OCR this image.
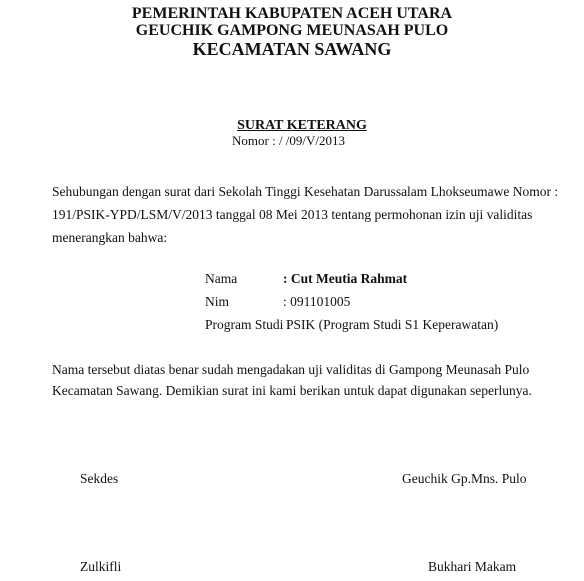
PEMERINTAH KABUPATEN ACEH UTARA
GEUCHIK GAMPONG MEUNASAH PULO
KECAMATAN SAWANG
SURAT KETERANG
Nomor : / /09/V/2013
Sehubungan dengan surat dari Sekolah Tinggi Kesehatan Darussalam Lhokseumawe Nomor :
191/PSIK-YPD/LSM/V/2013 tanggal 08 Mei 2013 tentang permohonan izin uji validitas
menerangkan bahwa:
Nama	: Cut Meutia Rahmat
Nim	: 091101005
Program Studi :
PSIK (Program Studi S1 Keperawatan)
Nama tersebut diatas benar sudah mengadakan uji validitas di Gampong Meunasah Pulo
Kecamatan Sawang. Demikian surat ini kami berikan untuk dapat digunakan seperlunya.
Sekdes	Geuchik Gp.Mns. Pulo
Zulkifli	Bukhari Makam
